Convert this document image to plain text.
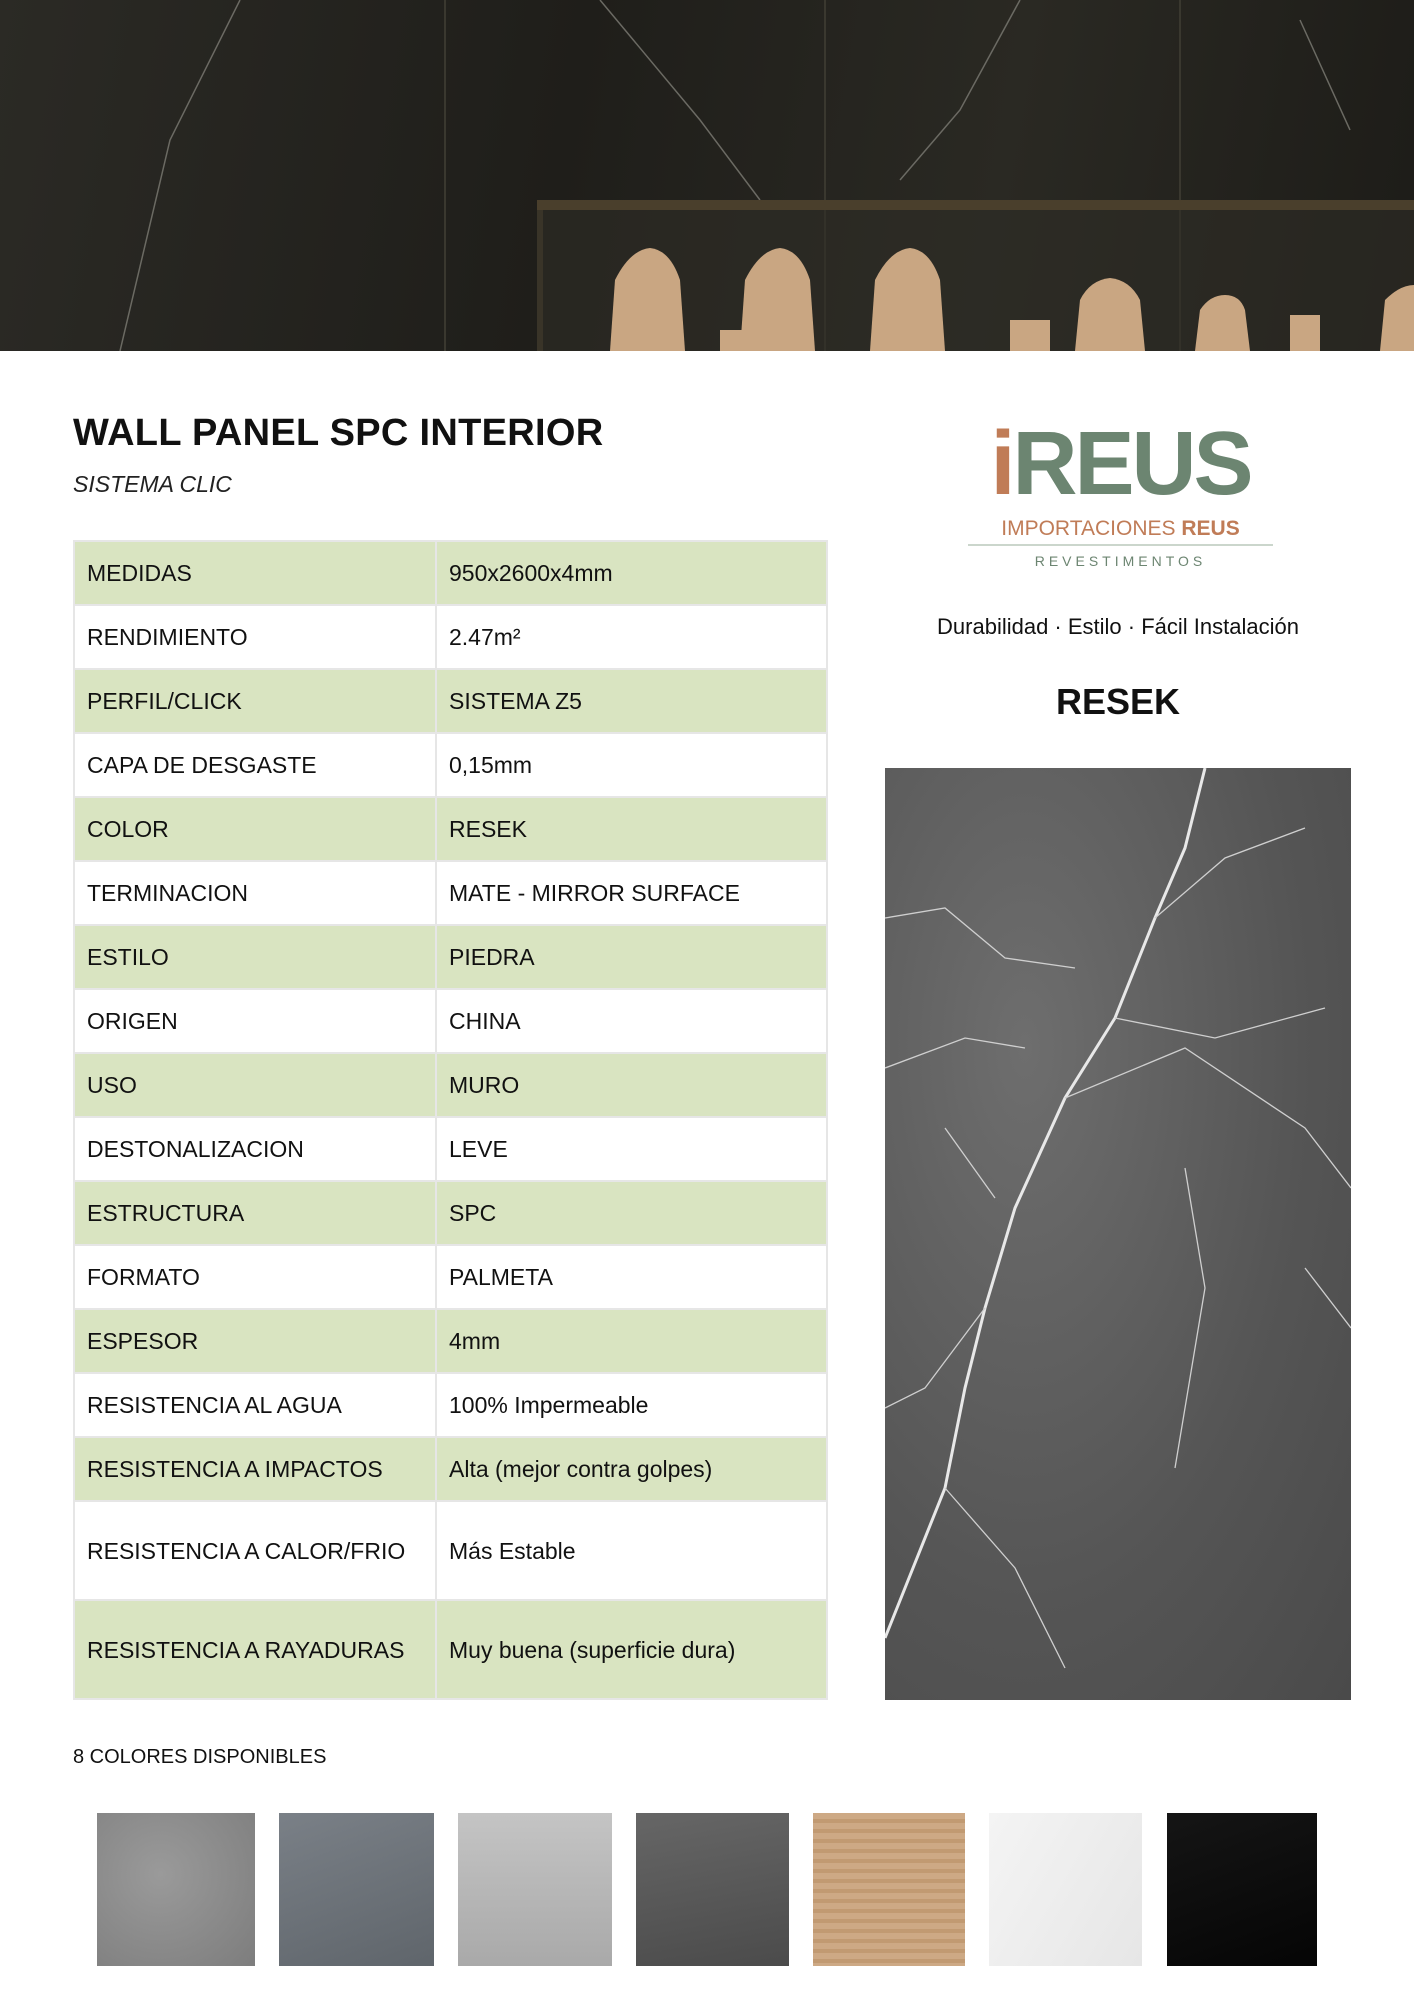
WALL PANEL SPC INTERIOR
SISTEMA CLIC
MEDIDAS	950x2600x4mm
RENDIMIENTO	2.47m²
PERFIL/CLICK	SISTEMA Z5
CAPA DE DESGASTE	0,15mm
COLOR	RESEK
TERMINACION	MATE - MIRROR SURFACE
ESTILO	PIEDRA
ORIGEN	CHINA
USO	MURO
DESTONALIZACION	LEVE
ESTRUCTURA	SPC
FORMATO	PALMETA
ESPESOR	4mm
RESISTENCIA AL AGUA	100% Impermeable
RESISTENCIA A IMPACTOS	Alta (mejor contra golpes)
RESISTENCIA A CALOR/FRIO	Más Estable
RESISTENCIA A RAYADURAS	Muy buena (superficie dura)
iREUS
IMPORTACIONES REUS
REVESTIMENTOS
Durabilidad · Estilo · Fácil Instalación
RESEK
8 COLORES DISPONIBLES
